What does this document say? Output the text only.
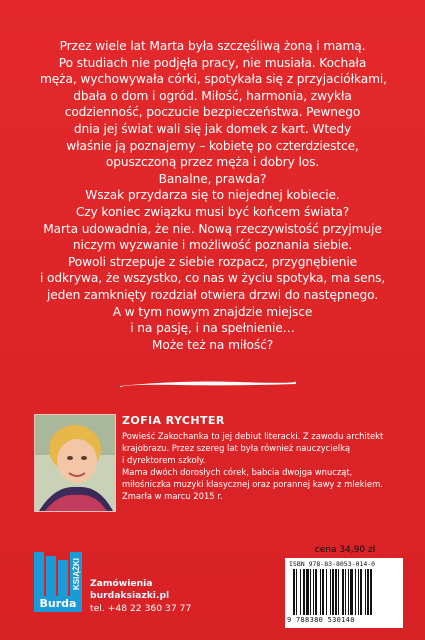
Przez wiele lat Marta była szczęśliwą żoną i mamą.
Po studiach nie podjęła pracy, nie musiała. Kochała
męża, wychowywała córki, spotykała się z przyjaciółkami,
dbała o dom i ogród. Miłość, harmonia, zwykła
codzienność, poczucie bezpieczeństwa. Pewnego
dnia jej świat wali się jak domek z kart. Wtedy
właśnie ją poznajemy – kobietę po czterdziestce,
opuszczoną przez męża i dobry los.
Banalne, prawda?
Wszak przydarza się to niejednej kobiecie.
Czy koniec związku musi być końcem świata?
Marta udowadnia, że nie. Nową rzeczywistość przyjmuje
niczym wyzwanie i możliwość poznania siebie.
Powoli strzepuje z siebie rozpacz, przygnębienie
i odkrywa, że wszystko, co nas w życiu spotyka, ma sens,
jeden zamknięty rozdział otwiera drzwi do następnego.
A w tym nowym znajdzie miejsce
i na pasję, i na spełnienie…
Może też na miłość?
ZOFIA RYCHTER
Powieść Zakochanka to jej debiut literacki. Z zawodu architekt
krajobrazu. Przez szereg lat była również nauczycielką
i dyrektorem szkoły.
Mama dwóch dorosłych córek, babcia dwojga wnucząt,
miłośniczka muzyki klasycznej oraz porannej kawy z mlekiem.
Zmarła w marcu 2015 r.
cena 34,90 zł
ISBN 978-83-8053-014-0
9 788380 530140
KSIĄŻKI
Burda
Zamówienia
burdaksiazki.pl
tel. +48 22 360 37 77
